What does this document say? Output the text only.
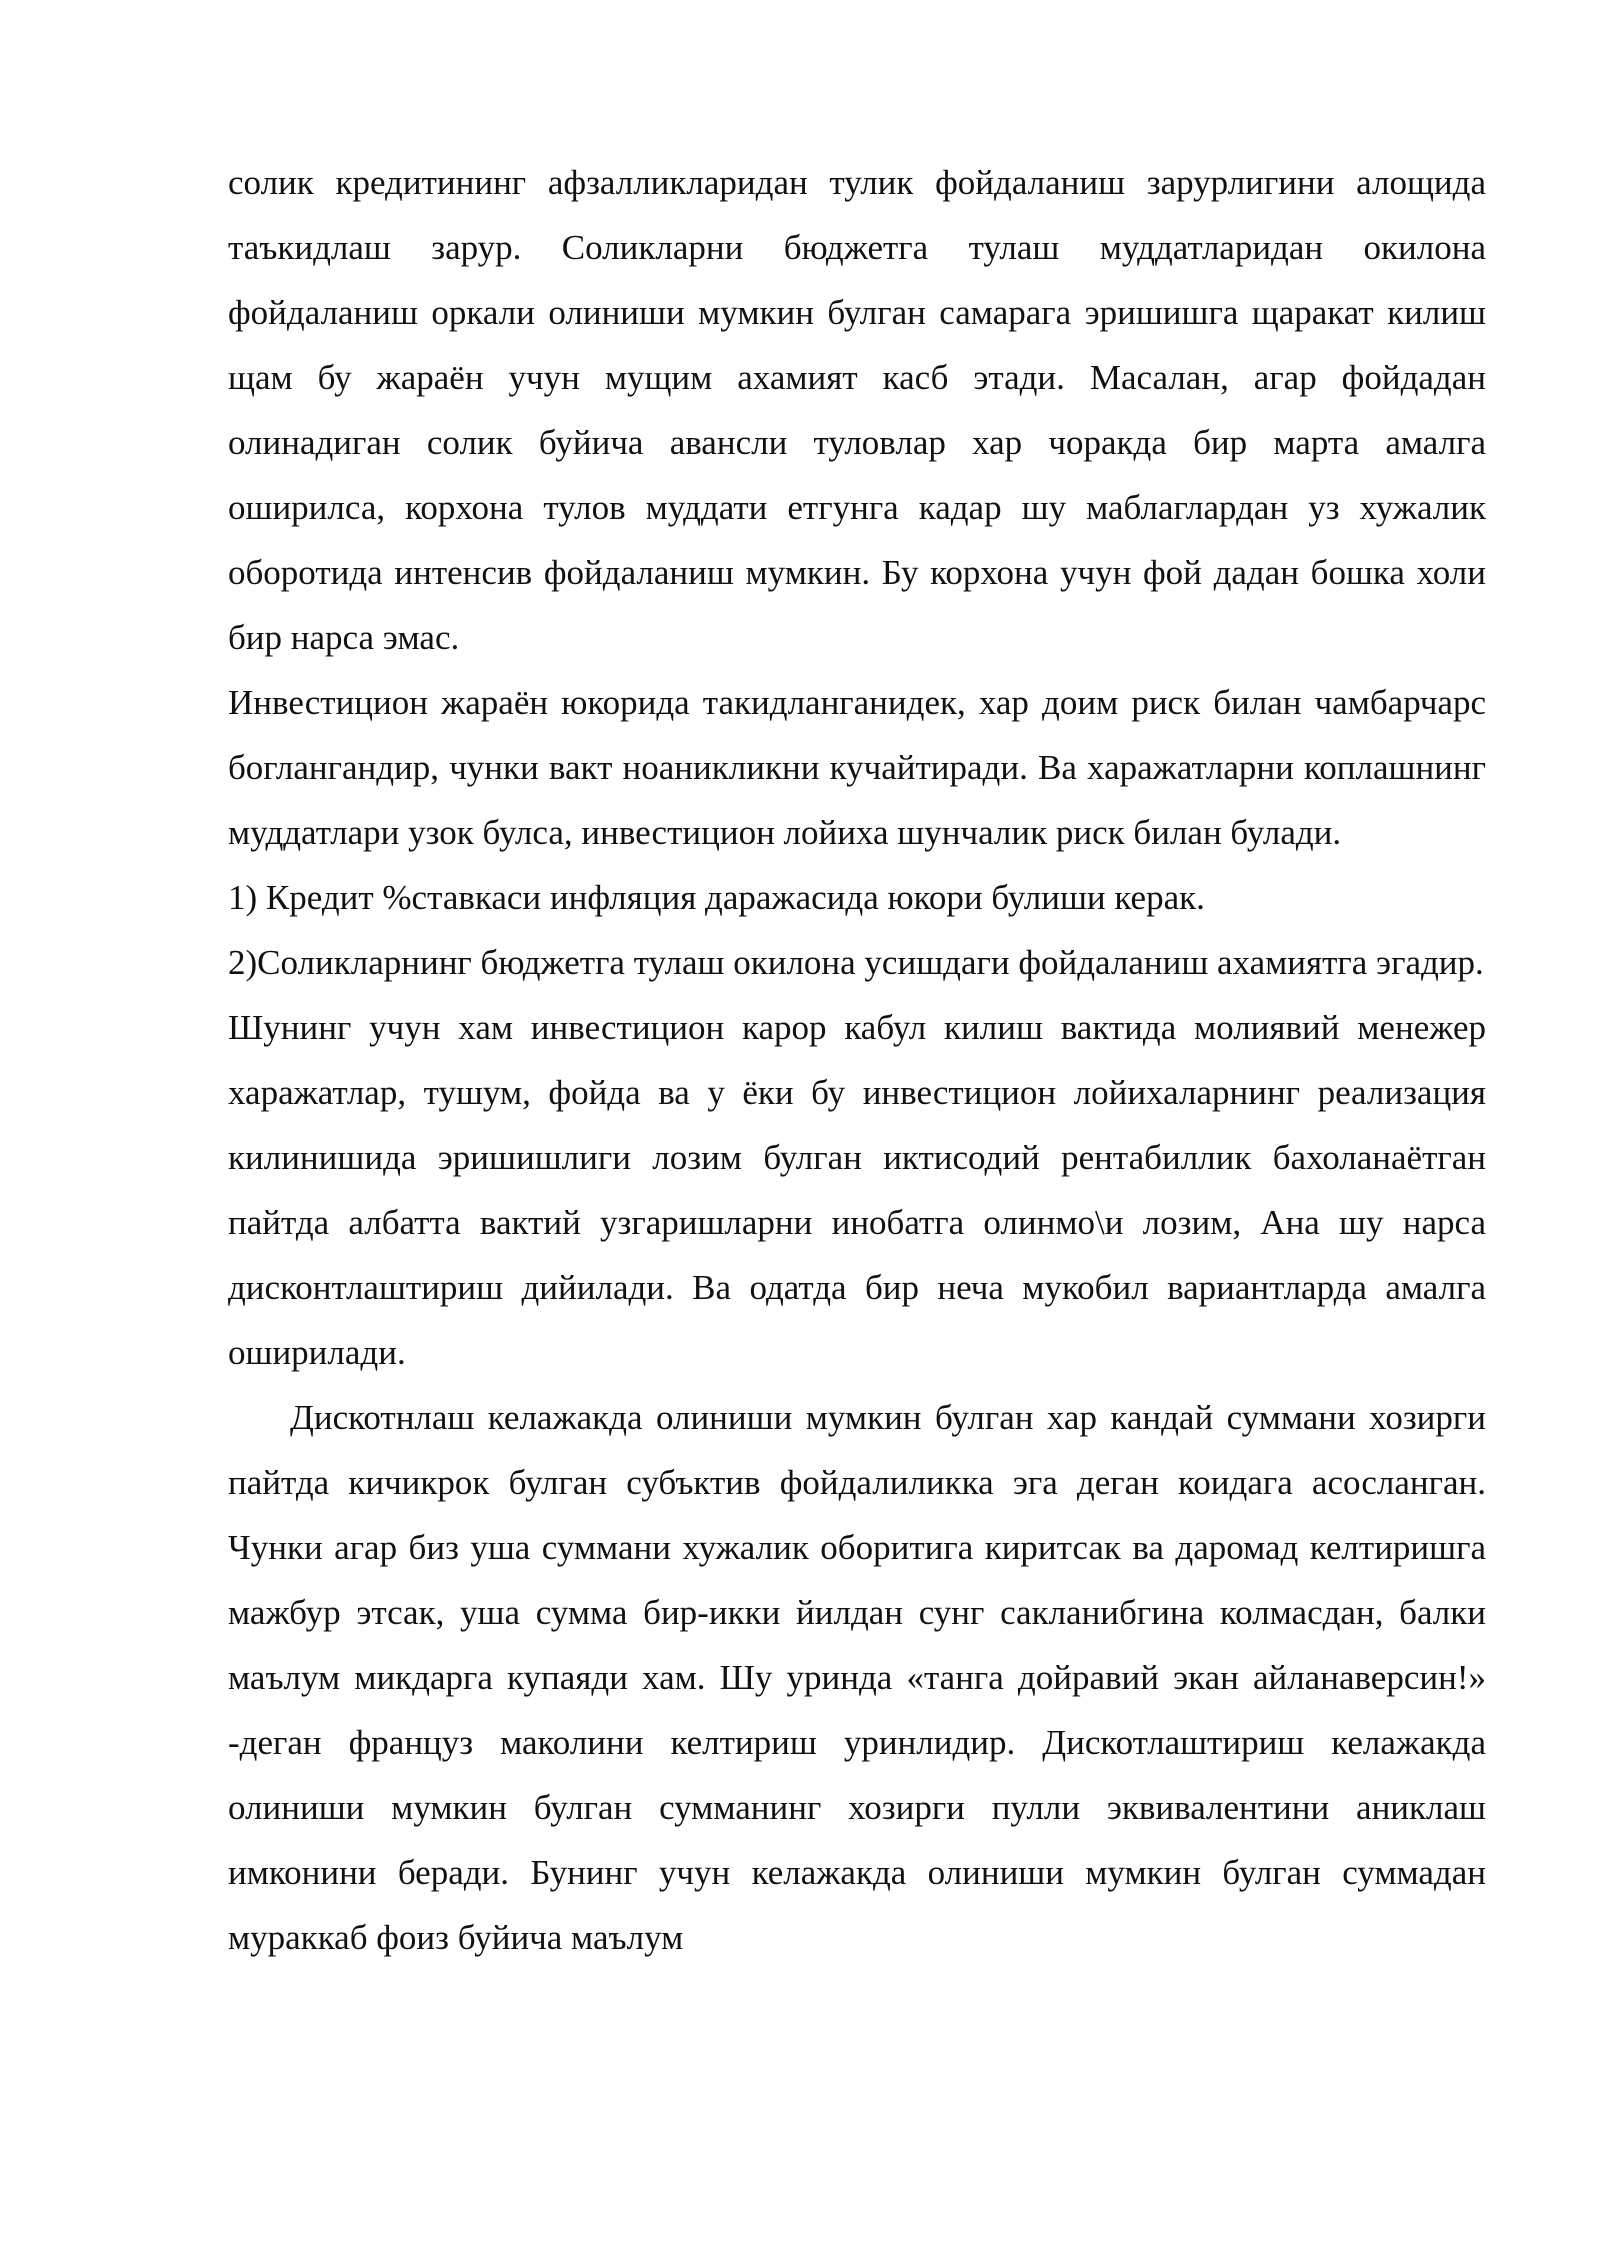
солик кредитининг афзалликларидан тулик фойдаланиш зарурлигини алощида таъкидлаш зарур. Соликларни бюджетга тулаш муддатларидан окилона фойдаланиш оркали олиниши мумкин булган самарага эришишга щаракат килиш щам бу жараён учун мущим ахамият касб этади. Масалан, агар фойдадан олинадиган солик буйича авансли туловлар хар чоракда бир марта амалга оширилса, корхона тулов муддати етгунга кадар шу маблаглардан уз хужалик оборотида интенсив фойдаланиш мумкин. Бу корхона учун фой дадан бошка холи бир нарса эмас.

Инвестицион жараён юкорида такидланганидек, хар доим риск билан чамбарчарс боглангандир, чунки вакт ноаникликни кучайтиради. Ва харажатларни коплашнинг муддатлари узок булса, инвестицион лойиха шунчалик риск билан булади.

1) Кредит %ставкаси инфляция даражасида юкори булиши керак.

2)Соликларнинг бюджетга тулаш окилона усишдаги фойдаланиш ахамиятга эгадир.

Шунинг учун хам инвестицион карор кабул килиш вактида молиявий менежер харажатлар, тушум, фойда ва у ёки бу инвестицион лойихаларнинг реализация килинишида эришишлиги лозим булган иктисодий рентабиллик бахоланаётган пайтда албатта вактий узгаришларни инобатга олинмо\и лозим, Ана шу нарса дисконтлаштириш дийилади. Ва одатда бир неча мукобил вариантларда амалга оширилади.

Дискотнлаш келажакда олиниши мумкин булган хар кандай суммани хозирги пайтда кичикрок булган субъктив фойдалиликка эга деган коидага асосланган. Чунки агар биз уша суммани хужалик оборитига киритсак ва даромад келтиришга мажбур этсак, уша сумма бир-икки йилдан сунг сакланибгина колмасдан, балки маълум микдарга купаяди хам. Шу уринда «танга дойравий экан айланаверсин!» -деган француз маколини келтириш уринлидир. Дискотлаштириш келажакда олиниши мумкин булган сумманинг хозирги пулли эквивалентини аниклаш имконини беради. Бунинг учун келажакда олиниши мумкин булган суммадан мураккаб фоиз буйича маълум
